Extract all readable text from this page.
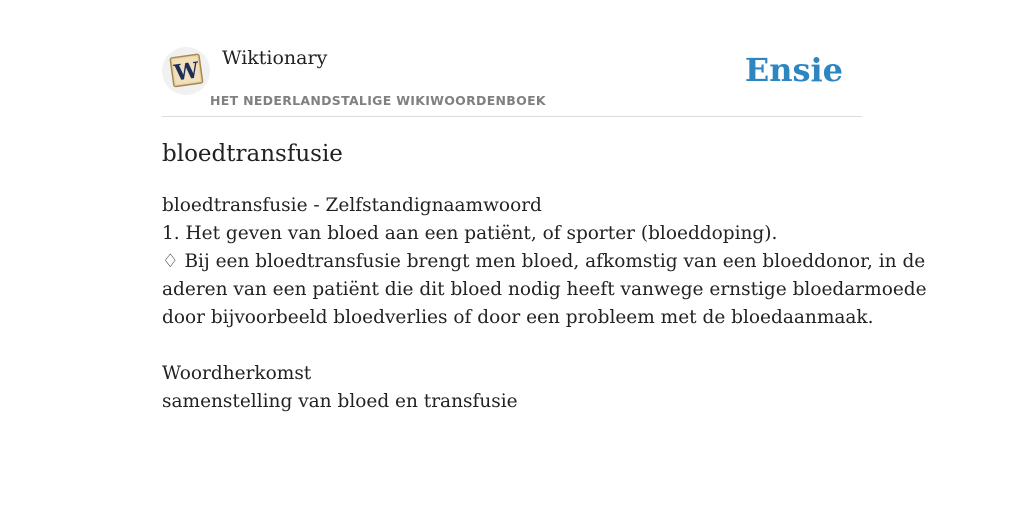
W Wiktionary
HET NEDERLANDSTALIGE WIKIWOORDENBOEK
Ensie
bloedtransfusie
bloedtransfusie - Zelfstandignaamwoord
1. Het geven van bloed aan een patiënt, of sporter (bloeddoping).
♢ Bij een bloedtransfusie brengt men bloed, afkomstig van een bloeddonor, in de
aderen van een patiënt die dit bloed nodig heeft vanwege ernstige bloedarmoede
door bijvoorbeeld bloedverlies of door een probleem met de bloedaanmaak.
Woordherkomst
samenstelling van bloed en transfusie
